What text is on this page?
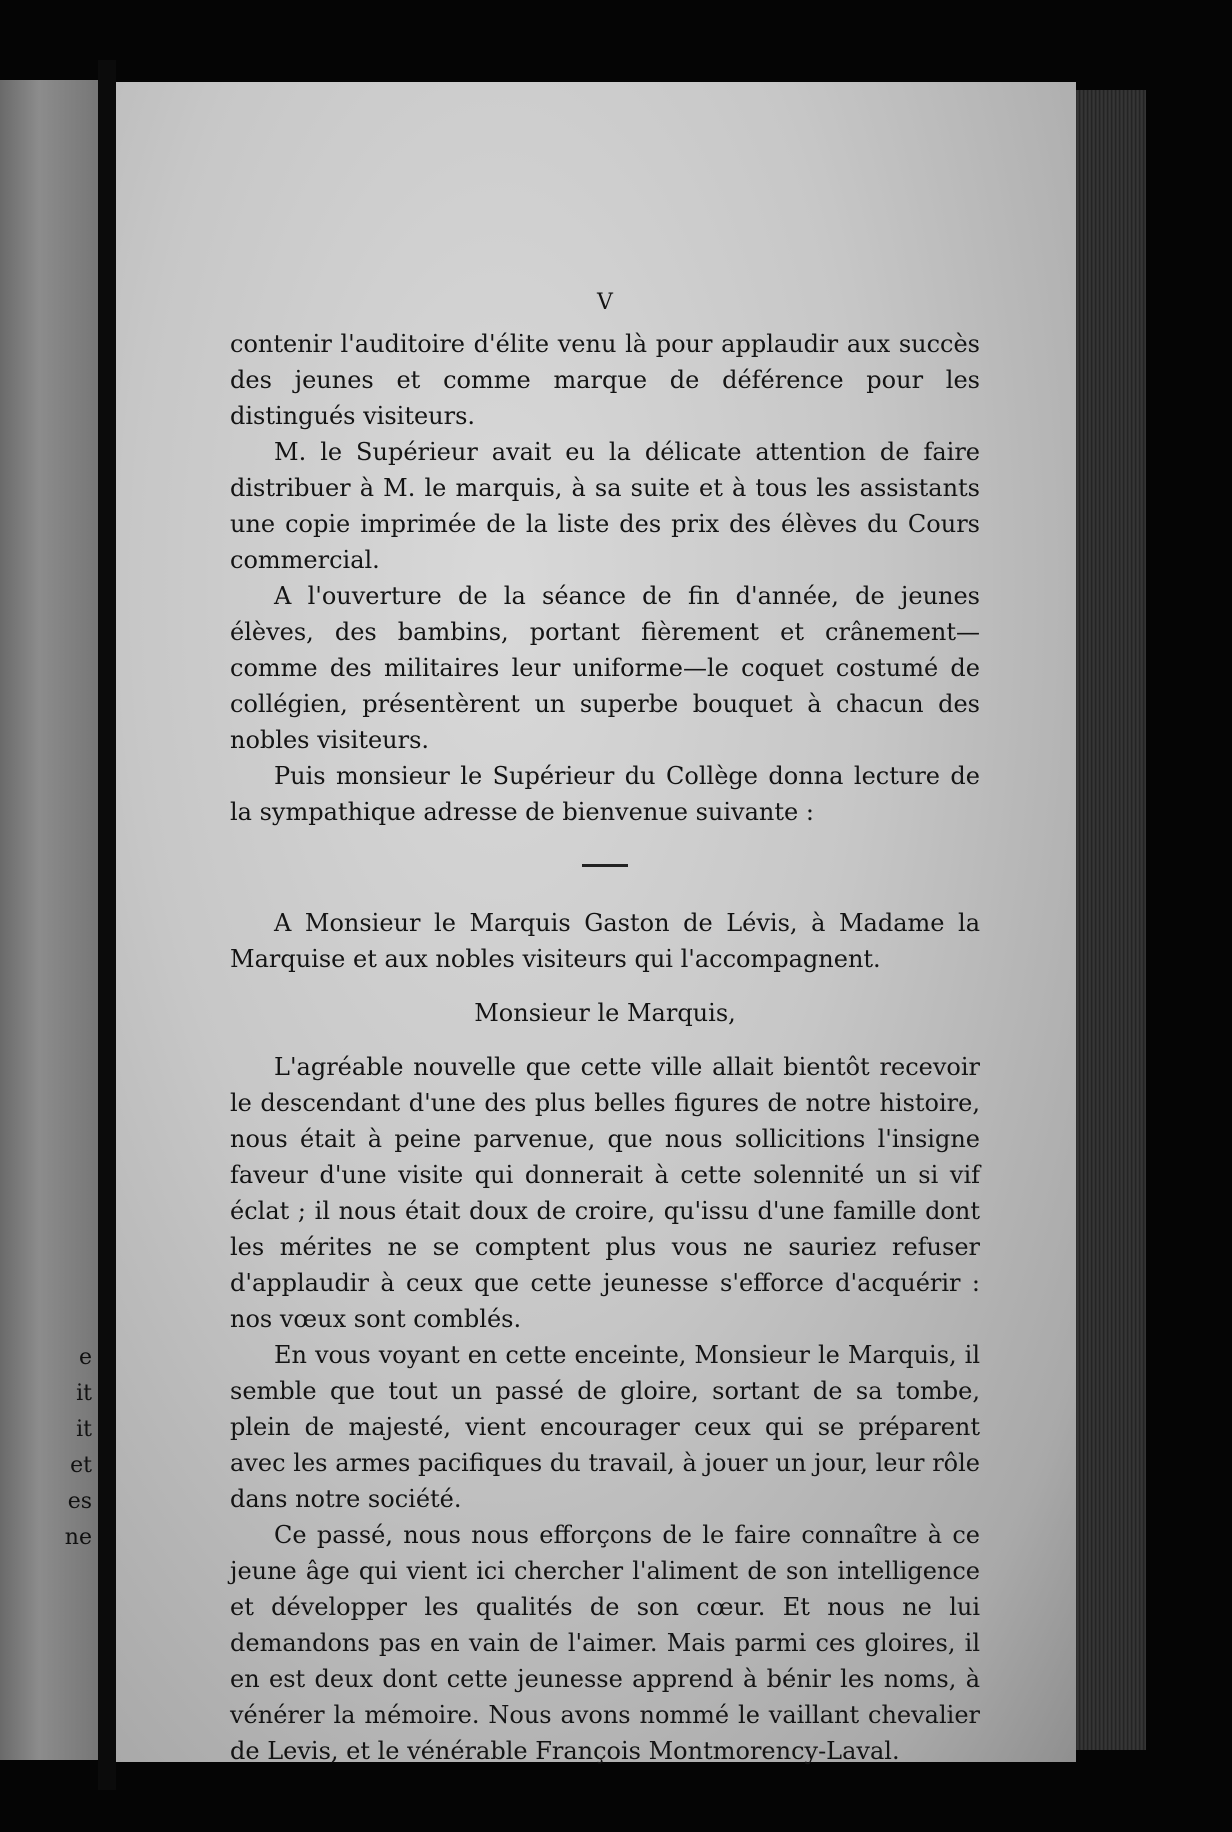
e
it
it
et
es
ne
V

contenir l'auditoire d'élite venu là pour applaudir aux succès des jeunes et comme marque de déférence pour les distingués visiteurs.

M. le Supérieur avait eu la délicate attention de faire distribuer à M. le marquis, à sa suite et à tous les assistants une copie imprimée de la liste des prix des élèves du Cours commercial.

A l'ouverture de la séance de fin d'année, de jeunes élèves, des bambins, portant fièrement et crânement—comme des militaires leur uniforme—le coquet costumé de collégien, présentèrent un superbe bouquet à chacun des nobles visiteurs.

Puis monsieur le Supérieur du Collège donna lecture de la sympathique adresse de bienvenue suivante :

A Monsieur le Marquis Gaston de Lévis, à Madame la Marquise et aux nobles visiteurs qui l'accompagnent.

Monsieur le Marquis,

L'agréable nouvelle que cette ville allait bientôt recevoir le descendant d'une des plus belles figures de notre histoire, nous était à peine parvenue, que nous sollicitions l'insigne faveur d'une visite qui donnerait à cette solennité un si vif éclat ; il nous était doux de croire, qu'issu d'une famille dont les mérites ne se comptent plus vous ne sauriez refuser d'applaudir à ceux que cette jeunesse s'efforce d'acquérir : nos vœux sont comblés.

En vous voyant en cette enceinte, Monsieur le Marquis, il semble que tout un passé de gloire, sortant de sa tombe, plein de majesté, vient encourager ceux qui se préparent avec les armes pacifiques du travail, à jouer un jour, leur rôle dans notre société.

Ce passé, nous nous efforçons de le faire connaître à ce jeune âge qui vient ici chercher l'aliment de son intelligence et développer les qualités de son cœur. Et nous ne lui demandons pas en vain de l'aimer. Mais parmi ces gloires, il en est deux dont cette jeunesse apprend à bénir les noms, à vénérer la mémoire. Nous avons nommé le vaillant chevalier de Levis, et le vénérable François Montmorency-Laval.
